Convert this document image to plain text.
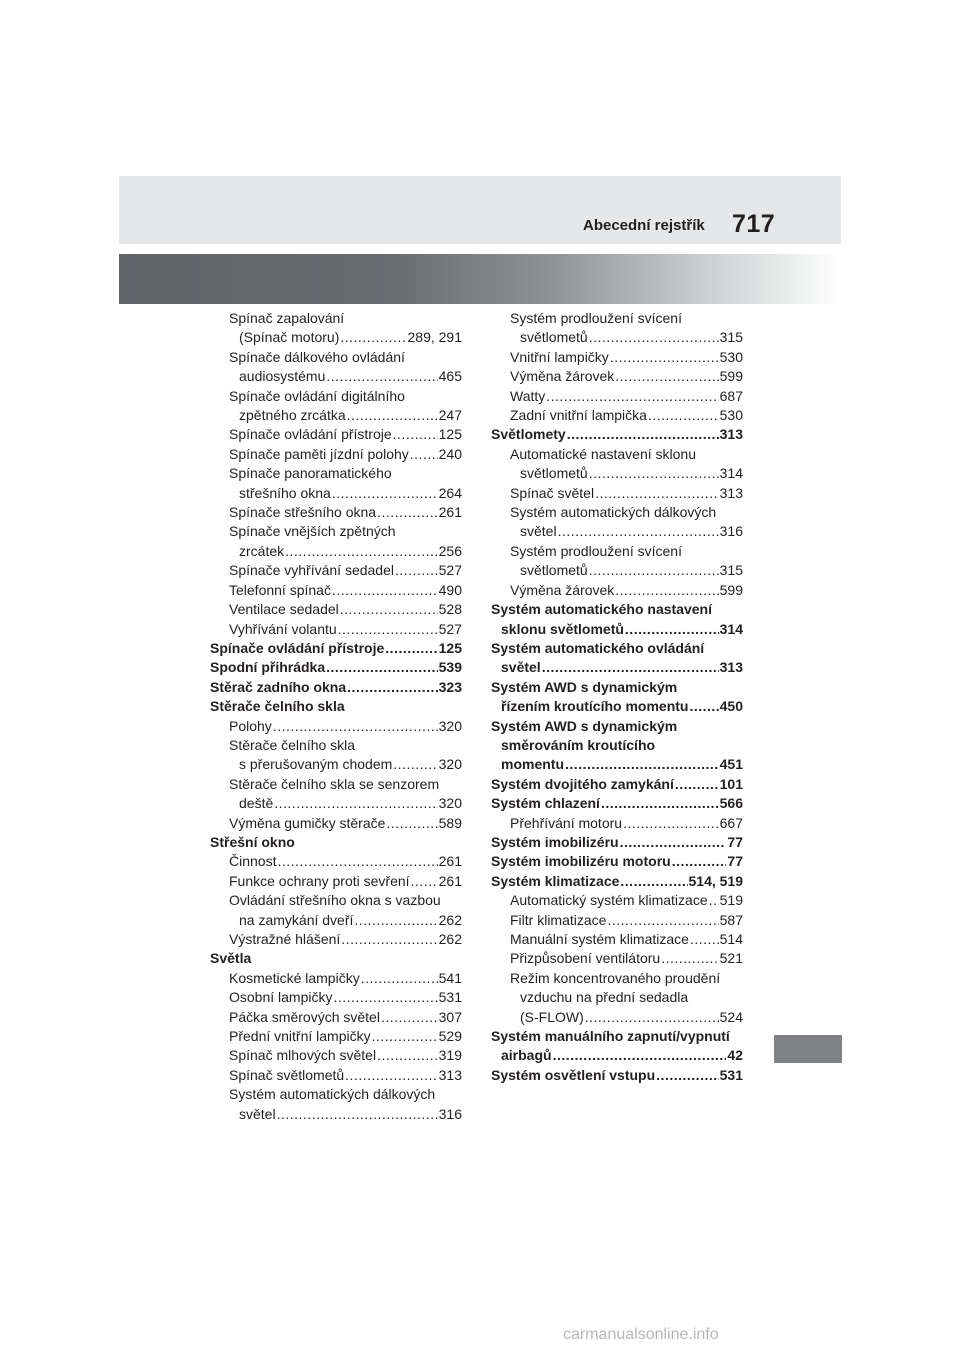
Abecední rejstřík 717
Spínač zapalování
(Spínač motoru) .....	289, 291
Spínače dálkového ovládání
audiosystému .....	465
Spínače ovládání digitálního
zpětného zrcátka .....	247
Spínače ovládání přístroje .....	125
Spínače paměti jízdní polohy ..... 240
Spínače panoramatického
střešního okna .....	264
Spínače střešního okna .....	261
Spínače vnějších zpětných
zrcátek .....	256
Spínače vyhřívání sedadel .....	527
Telefonní spínač .....	490
Ventilace sedadel .....	528
Vyhřívání volantu .....	527
Spínače ovládání přístroje .....	125
Spodní přihrádka .....	539
Stěrač zadního okna .....	323
Stěrače čelního skla
Polohy .....	320
Stěrače čelního skla
s přerušovaným chodem .....	320
Stěrače čelního skla se senzorem
deště .....	320
Výměna gumičky stěrače .....	589
Střešní okno
Činnost .....	261
Funkce ochrany proti sevření ..... 261
Ovládání střešního okna s vazbou
na zamykání dveří .....	262
Výstražné hlášení .....	262
Světla
Kosmetické lampičky .....	541
Osobní lampičky .....	531
Páčka směrových světel .....	307
Přední vnitřní lampičky .....	529
Spínač mlhových světel .....	319
Spínač světlometů .....	313
Systém automatických dálkových
světel .....	316
Systém prodloužení svícení
světlometů .....	315
Vnitřní lampičky .....	530
Výměna žárovek .....	599
Watty .....	687
Zadní vnitřní lampička .....	530
Světlomety .....	313
Automatické nastavení sklonu
světlometů .....	314
Spínač světel .....	313
Systém automatických dálkových
světel .....	316
Systém prodloužení svícení
světlometů .....	315
Výměna žárovek .....	599
Systém automatického nastavení
sklonu světlometů .....	314
Systém automatického ovládání
světel .....	313
Systém AWD s dynamickým
řízením kroutícího momentu ..... 450
Systém AWD s dynamickým
směrováním kroutícího
momentu .....	451
Systém dvojitého zamykání .....	101
Systém chlazení .....	566
Přehřívání motoru .....	667
Systém imobilizéru .....	77
Systém imobilizéru motoru .....	77
Systém klimatizace .....	514, 519
Automatický systém klimatizace ..... 519
Filtr klimatizace .....	587
Manuální systém klimatizace ..... 514
Přizpůsobení ventilátoru .....	521
Režim koncentrovaného proudění
vzduchu na přední sedadla
(S-FLOW) .....	524
Systém manuálního zapnutí/vypnutí
airbagů .....	42
Systém osvětlení vstupu .....	531
carmanualsonline.info
